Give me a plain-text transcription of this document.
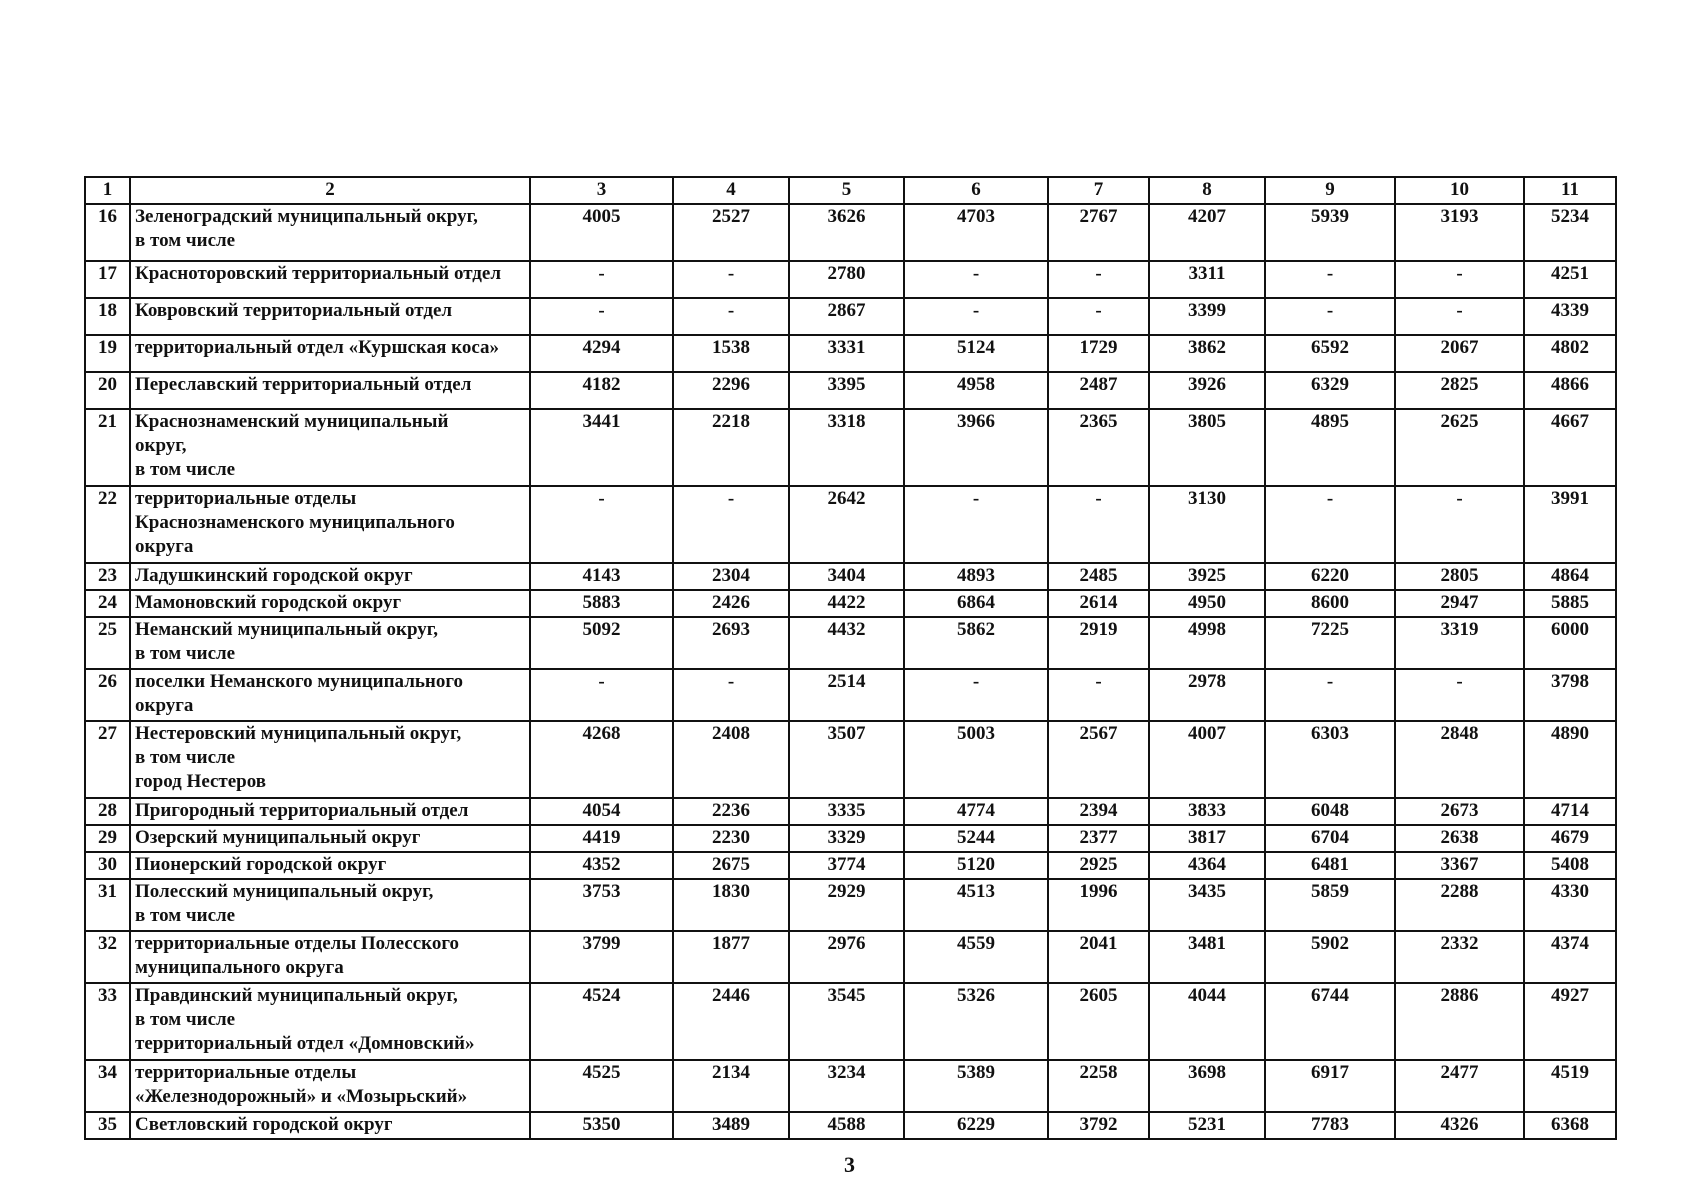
1	2	3	4	5	6	7	8	9	10	11
16	Зеленоградский муниципальный округ,
в том числе	4005	2527	3626	4703	2767	4207	5939	3193	5234
17	Краснотоpовский территориальный отдел	-	-	2780	-	-	3311	-	-	4251
18	Ковровский территориальный отдел	-	-	2867	-	-	3399	-	-	4339
19	территориальный отдел «Куршская коса»	4294	1538	3331	5124	1729	3862	6592	2067	4802
20	Переславский территориальный отдел	4182	2296	3395	4958	2487	3926	6329	2825	4866
21	Краснознаменский муниципальный
округ,
в том числе	3441	2218	3318	3966	2365	3805	4895	2625	4667
22	территориальные отделы
Краснознаменского муниципального
округа	-	-	2642	-	-	3130	-	-	3991
23	Ладушкинский городской округ	4143	2304	3404	4893	2485	3925	6220	2805	4864
24	Мамоновский городской округ	5883	2426	4422	6864	2614	4950	8600	2947	5885
25	Неманский муниципальный округ,
в том числе	5092	2693	4432	5862	2919	4998	7225	3319	6000
26	поселки Неманского муниципального
округа	-	-	2514	-	-	2978	-	-	3798
27	Нестеровский муниципальный округ,
в том числе
город Нестеров	4268	2408	3507	5003	2567	4007	6303	2848	4890
28	Пригородный территориальный отдел	4054	2236	3335	4774	2394	3833	6048	2673	4714
29	Озерский муниципальный округ	4419	2230	3329	5244	2377	3817	6704	2638	4679
30	Пионерский городской округ	4352	2675	3774	5120	2925	4364	6481	3367	5408
31	Полесский муниципальный округ,
в том числе	3753	1830	2929	4513	1996	3435	5859	2288	4330
32	территориальные отделы Полесского
муниципального округа	3799	1877	2976	4559	2041	3481	5902	2332	4374
33	Правдинский муниципальный округ,
в том числе
территориальный отдел «Домновский»	4524	2446	3545	5326	2605	4044	6744	2886	4927
34	территориальные отделы
«Железнодорожный» и «Мозырьский»	4525	2134	3234	5389	2258	3698	6917	2477	4519
35	Светловский городской округ	5350	3489	4588	6229	3792	5231	7783	4326	6368
3
